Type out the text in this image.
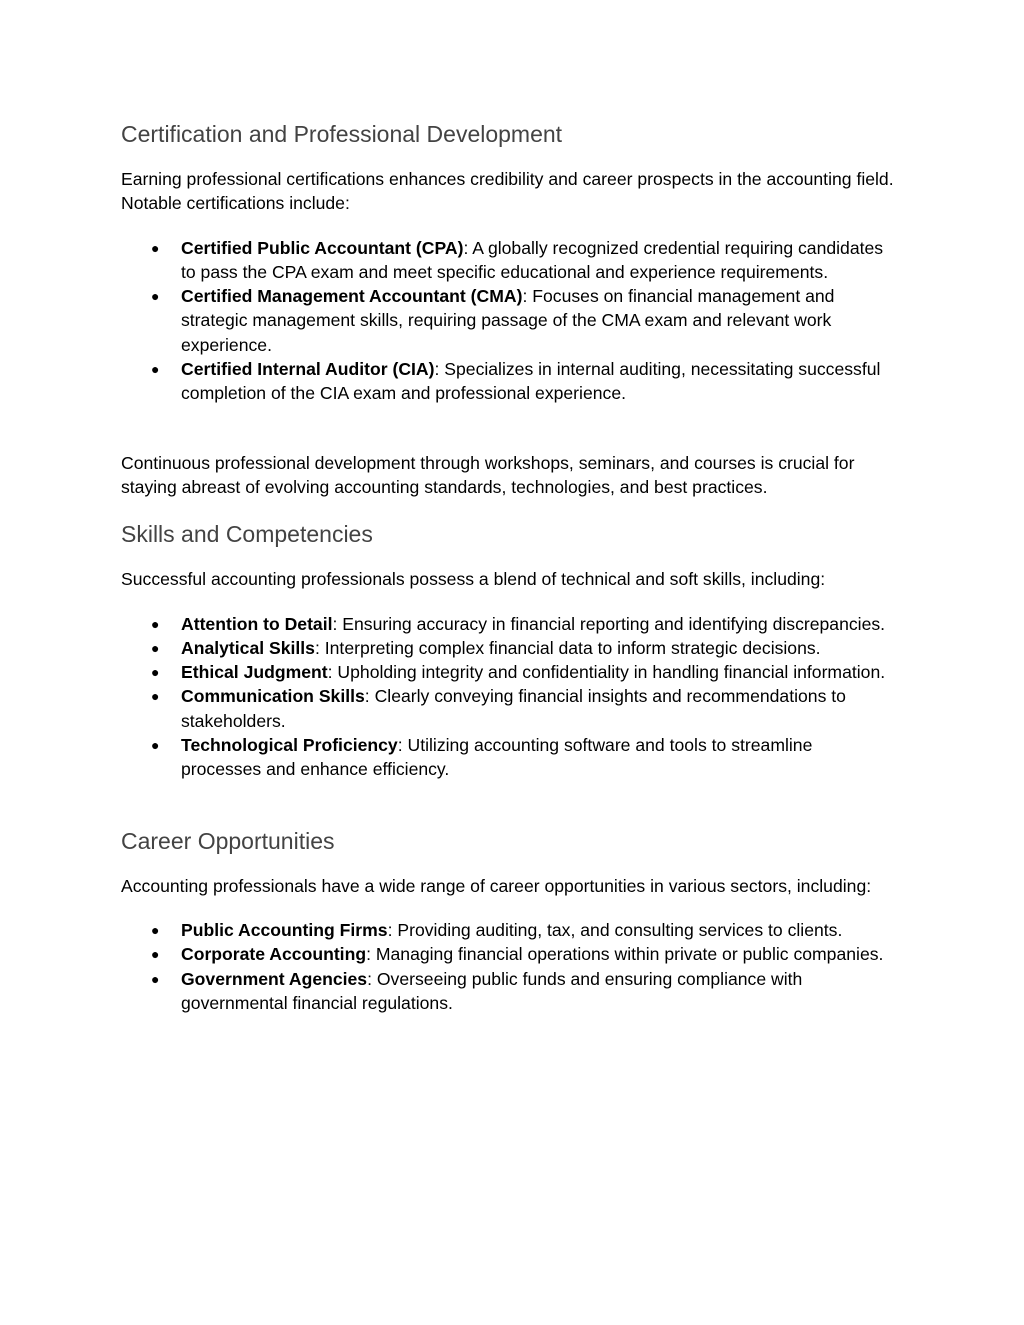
Certification and Professional Development

Earning professional certifications enhances credibility and career prospects in the accounting field. Notable certifications include:

● Certified Public Accountant (CPA): A globally recognized credential requiring candidates to pass the CPA exam and meet specific educational and experience requirements.
● Certified Management Accountant (CMA): Focuses on financial management and strategic management skills, requiring passage of the CMA exam and relevant work experience.
● Certified Internal Auditor (CIA): Specializes in internal auditing, necessitating successful completion of the CIA exam and professional experience.

Continuous professional development through workshops, seminars, and courses is crucial for staying abreast of evolving accounting standards, technologies, and best practices.

Skills and Competencies

Successful accounting professionals possess a blend of technical and soft skills, including:

● Attention to Detail: Ensuring accuracy in financial reporting and identifying discrepancies.
● Analytical Skills: Interpreting complex financial data to inform strategic decisions.
● Ethical Judgment: Upholding integrity and confidentiality in handling financial information.
● Communication Skills: Clearly conveying financial insights and recommendations to stakeholders.
● Technological Proficiency: Utilizing accounting software and tools to streamline processes and enhance efficiency.
Career Opportunities

Accounting professionals have a wide range of career opportunities in various sectors, including:

● Public Accounting Firms: Providing auditing, tax, and consulting services to clients.
● Corporate Accounting: Managing financial operations within private or public companies.
● Government Agencies: Overseeing public funds and ensuring compliance with governmental financial regulations.
